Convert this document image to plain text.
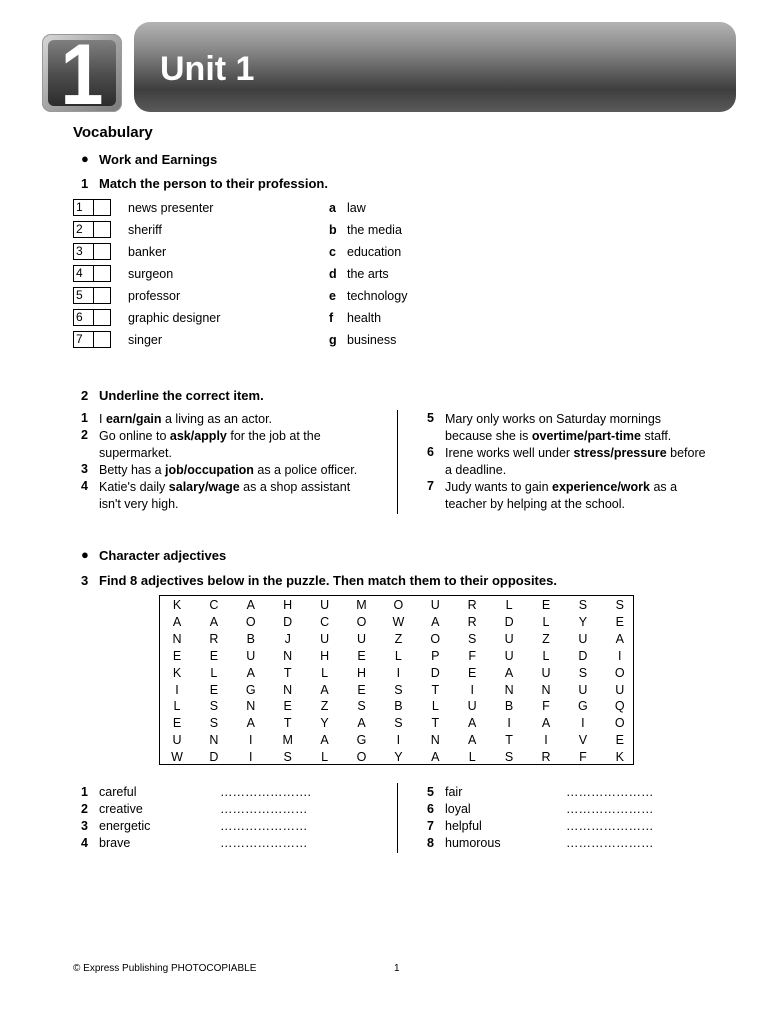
1 Unit 1
Vocabulary
● Work and Earnings
1 Match the person to their profession.
1	news presenter	a law
2	sheriff	b the media
3	banker	c education
4	surgeon	d the arts
5	professor	e technology
6	graphic designer	f health
7	singer	g business
2 Underline the correct item.
1 I earn/gain a living as an actor.
2 Go online to ask/apply for the job at the
supermarket.
3 Betty has a job/occupation as a police officer.
4 Katie's daily salary/wage as a shop assistant
isn't very high.
5 Mary only works on Saturday mornings
because she is overtime/part-time staff.
6 Irene works well under stress/pressure before
a deadline.
7 Judy wants to gain experience/work as a
teacher by helping at the school.
● Character adjectives
3 Find 8 adjectives below in the puzzle. Then match them to their opposites.
K	C	A	H	U	M	O	U	R	L	E	S	S
A	A	O	D	C	O	W	A	R	D	L	Y	E
N	R	B	J	U	U	Z	O	S	U	Z	U	A
E	E	U	N	H	E	L	P	F	U	L	D	I
K	L	A	T	L	H	I	D	E	A	U	S	O
I	E	G	N	A	E	S	T	I	N	N	U	U
L	S	N	E	Z	S	B	L	U	B	F	G	Q
E	S	A	T	Y	A	S	T	A	I	A	I	O
U	N	I	M	A	G	I	N	A	T	I	V	E
W	D	I	S	L	O	Y	A	L	S	R	F	K
1 careful	………………….
2 creative	…………………
3 energetic	…………………
4 brave	…………………
5 fair	…………………
6 loyal	…………………
7 helpful	…………………
8 humorous	…………………
© Express Publishing PHOTOCOPIABLE	1
